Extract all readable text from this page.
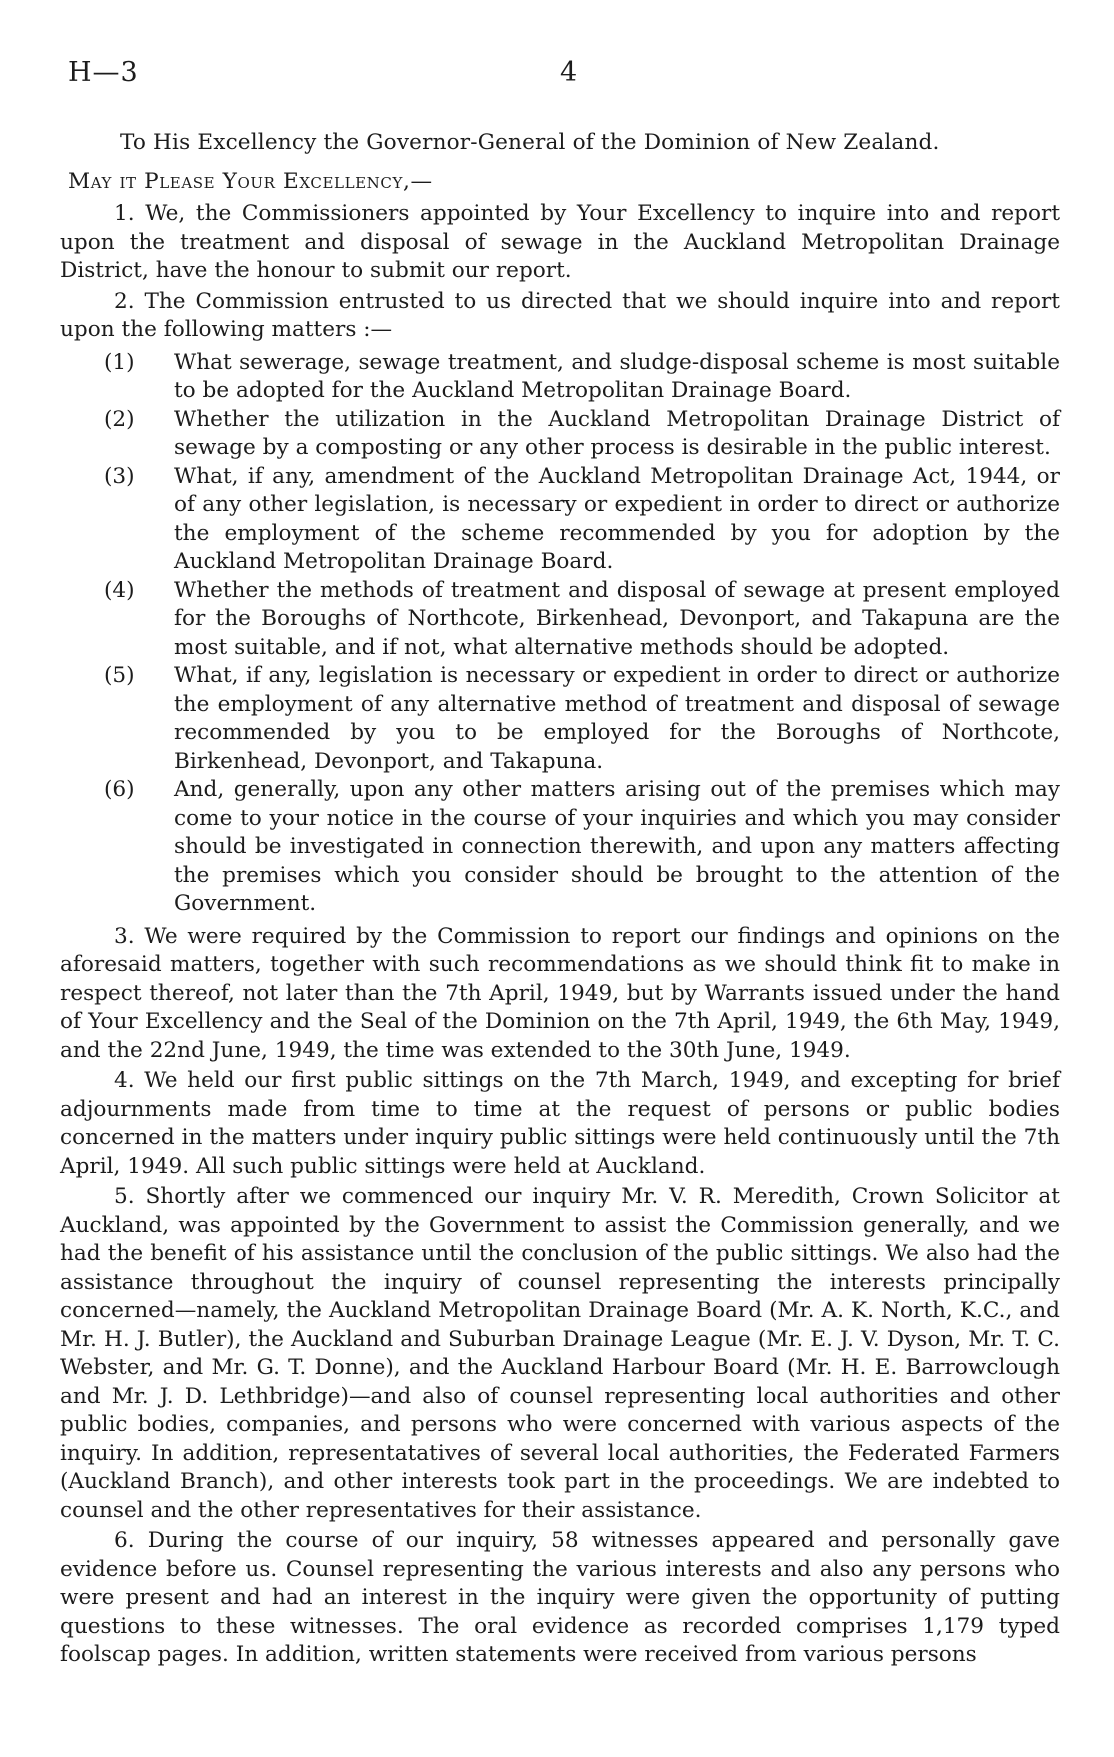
H—3	4

To His Excellency the Governor-General of the Dominion of New Zealand.

May it Please Your Excellency,—

1. We, the Commissioners appointed by Your Excellency to inquire into and report upon the treatment and disposal of sewage in the Auckland Metropolitan Drainage District, have the honour to submit our report.

2. The Commission entrusted to us directed that we should inquire into and report upon the following matters :—

(1) What sewerage, sewage treatment, and sludge-disposal scheme is most suitable to be adopted for the Auckland Metropolitan Drainage Board.
(2) Whether the utilization in the Auckland Metropolitan Drainage District of sewage by a composting or any other process is desirable in the public interest.
(3) What, if any, amendment of the Auckland Metropolitan Drainage Act, 1944, or of any other legislation, is necessary or expedient in order to direct or authorize the employment of the scheme recommended by you for adoption by the Auckland Metropolitan Drainage Board.
(4) Whether the methods of treatment and disposal of sewage at present employed for the Boroughs of Northcote, Birkenhead, Devonport, and Takapuna are the most suitable, and if not, what alternative methods should be adopted.
(5) What, if any, legislation is necessary or expedient in order to direct or authorize the employment of any alternative method of treatment and disposal of sewage recommended by you to be employed for the Boroughs of Northcote, Birkenhead, Devonport, and Takapuna.
(6) And, generally, upon any other matters arising out of the premises which may come to your notice in the course of your inquiries and which you may consider should be investigated in connection therewith, and upon any matters affecting the premises which you consider should be brought to the attention of the Government.

3. We were required by the Commission to report our findings and opinions on the aforesaid matters, together with such recommendations as we should think fit to make in respect thereof, not later than the 7th April, 1949, but by Warrants issued under the hand of Your Excellency and the Seal of the Dominion on the 7th April, 1949, the 6th May, 1949, and the 22nd June, 1949, the time was extended to the 30th June, 1949.

4. We held our first public sittings on the 7th March, 1949, and excepting for brief adjournments made from time to time at the request of persons or public bodies concerned in the matters under inquiry public sittings were held continuously until the 7th April, 1949. All such public sittings were held at Auckland.

5. Shortly after we commenced our inquiry Mr. V. R. Meredith, Crown Solicitor at Auckland, was appointed by the Government to assist the Commission generally, and we had the benefit of his assistance until the conclusion of the public sittings. We also had the assistance throughout the inquiry of counsel representing the interests principally concerned—namely, the Auckland Metropolitan Drainage Board (Mr. A. K. North, K.C., and Mr. H. J. Butler), the Auckland and Suburban Drainage League (Mr. E. J. V. Dyson, Mr. T. C. Webster, and Mr. G. T. Donne), and the Auckland Harbour Board (Mr. H. E. Barrowclough and Mr. J. D. Lethbridge)—and also of counsel representing local authorities and other public bodies, companies, and persons who were concerned with various aspects of the inquiry. In addition, representatatives of several local authorities, the Federated Farmers (Auckland Branch), and other interests took part in the proceedings. We are indebted to counsel and the other representatives for their assistance.

6. During the course of our inquiry, 58 witnesses appeared and personally gave evidence before us. Counsel representing the various interests and also any persons who were present and had an interest in the inquiry were given the opportunity of putting questions to these witnesses. The oral evidence as recorded comprises 1,179 typed foolscap pages. In addition, written statements were received from various persons
